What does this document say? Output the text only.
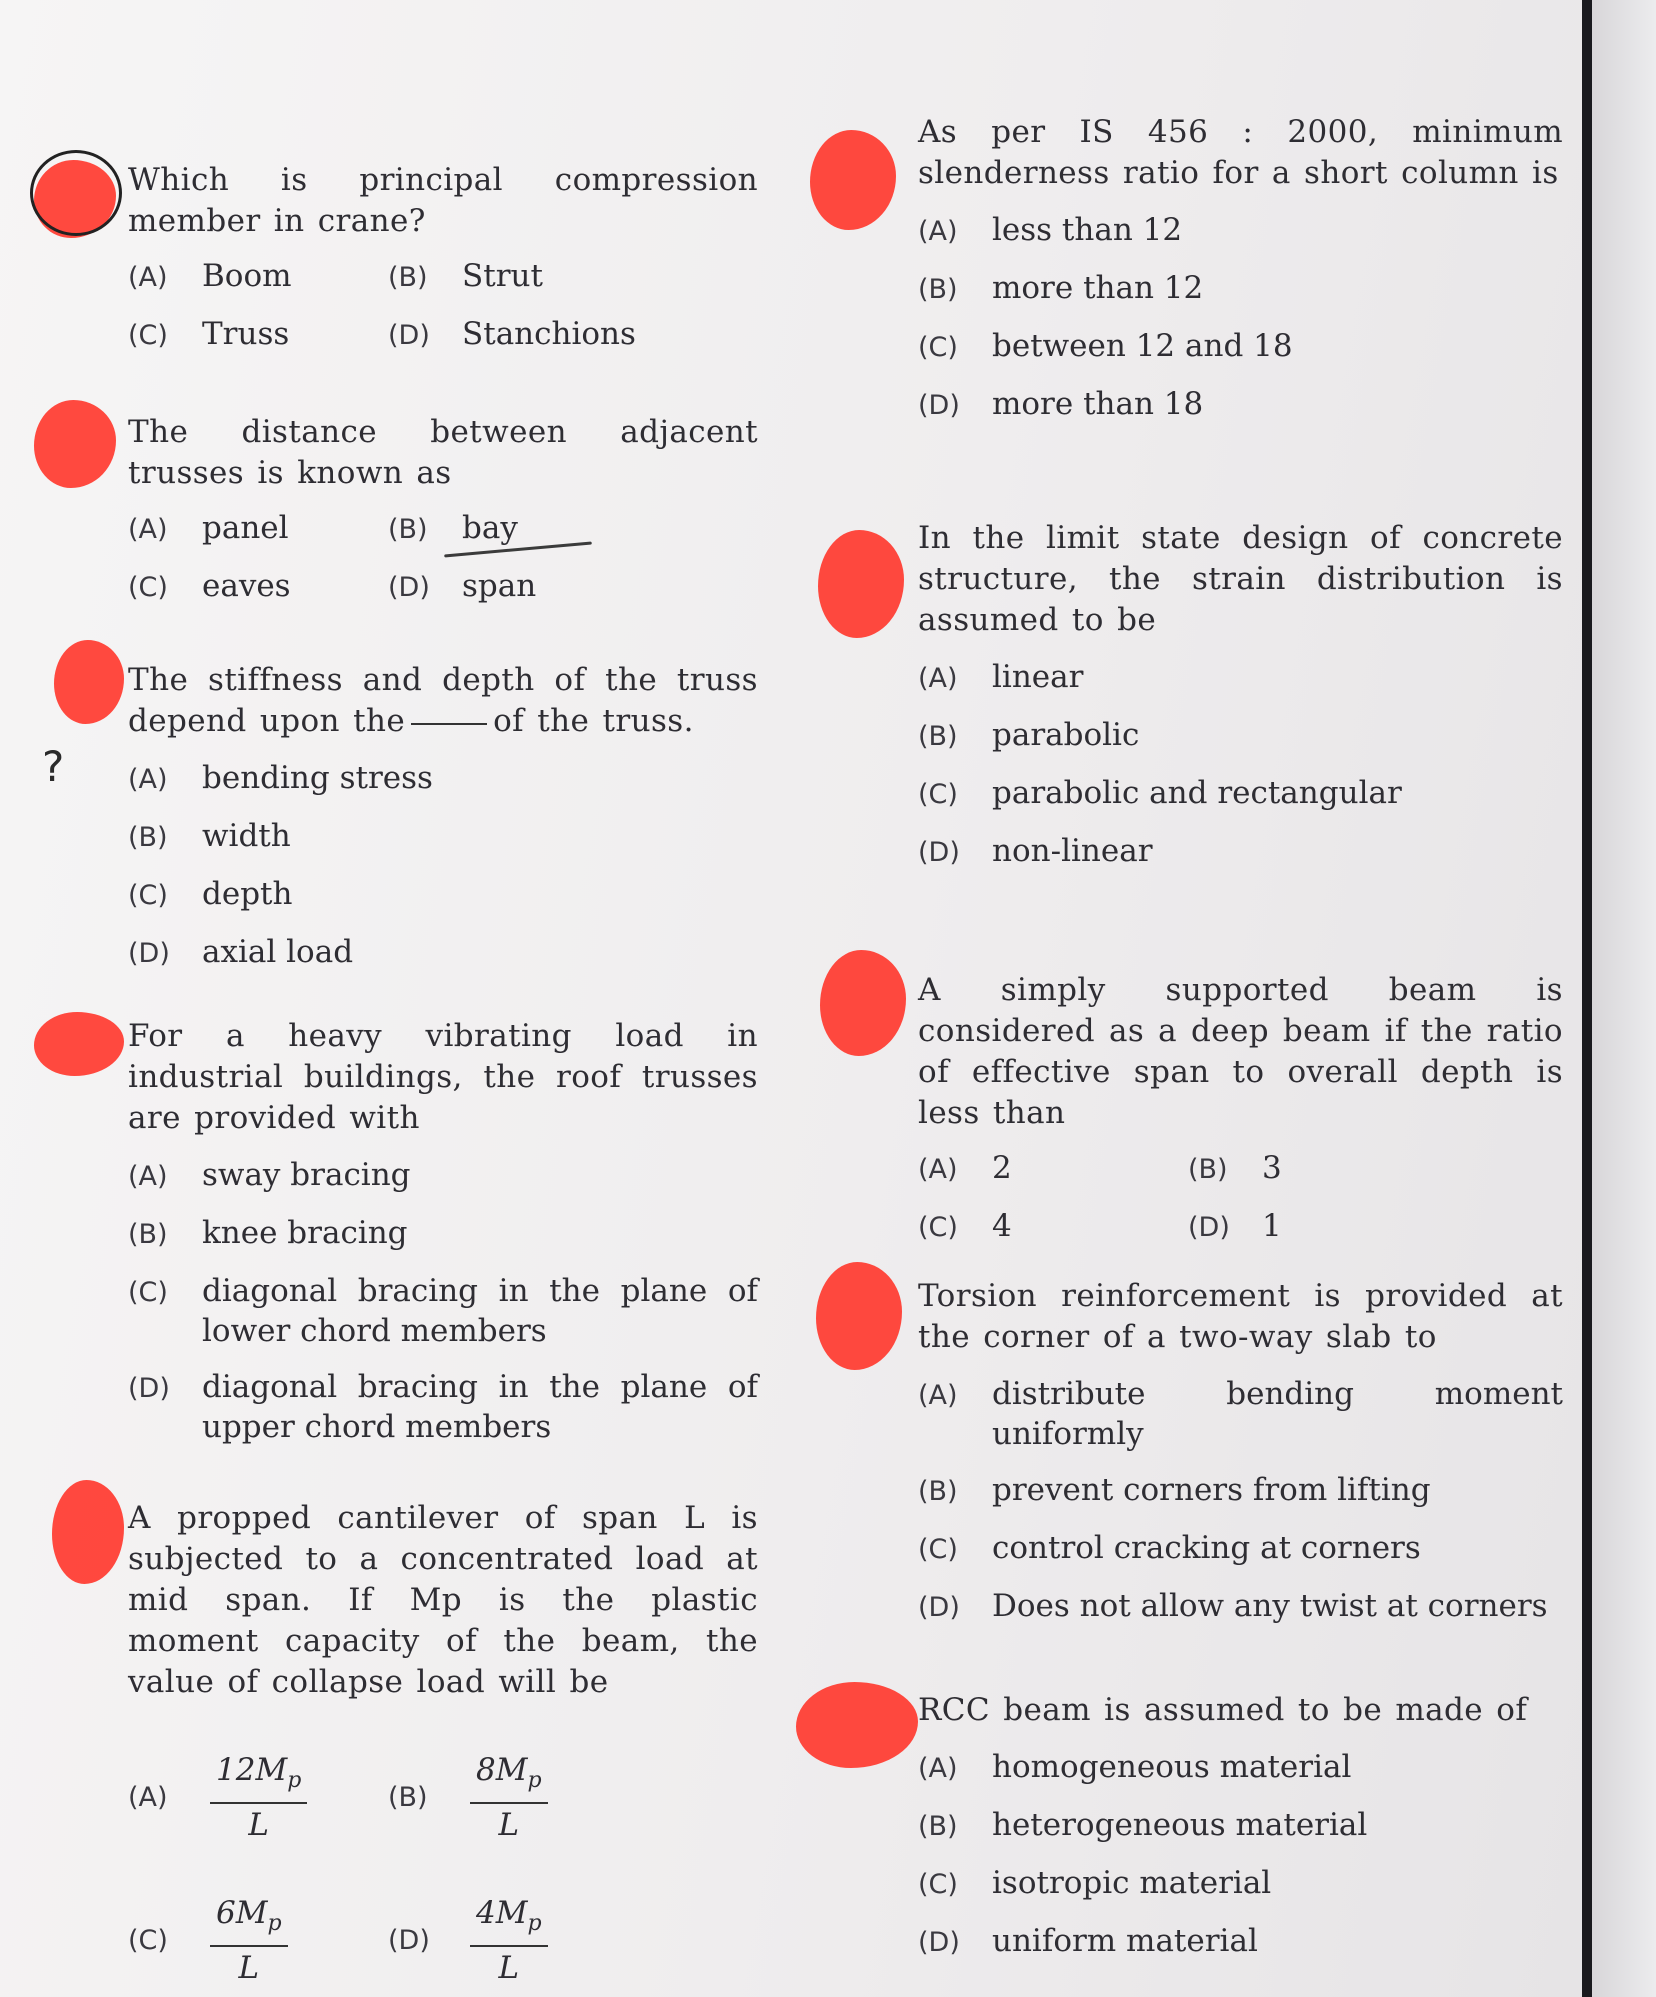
?

Which is principal compression member in crane?

(A)	Boom	(B)	Strut
(C)	Truss	(D)	Stanchions

The distance between adjacent trusses is known as

(A)	panel	(B)	bay
(C)	eaves	(D)	span

The stiffness and depth of the truss depend upon the	of the truss.

(A)	bending stress
(B)	width
(C)	depth
(D)	axial load

For a heavy vibrating load in industrial buildings, the roof trusses are provided with

(A)	sway bracing
(B)	knee bracing
(C)	diagonal bracing in the plane of lower chord members
(D)	diagonal bracing in the plane of upper chord members

A propped cantilever of span L is subjected to a concentrated load at mid span. If Mp is the plastic moment capacity of the beam, the value of collapse load will be

(A)	$\frac{12M_p}{L}$	(B)	$\frac{8M_p}{L}$
(C)	$\frac{6M_p}{L}$	(D)	$\frac{4M_p}{L}$

As per IS 456 : 2000, minimum slenderness ratio for a short column is

(A)	less than 12
(B)	more than 12
(C)	between 12 and 18
(D)	more than 18

In the limit state design of concrete structure, the strain distribution is assumed to be

(A)	linear
(B)	parabolic
(C)	parabolic and rectangular
(D)	non-linear

A simply supported beam is considered as a deep beam if the ratio of effective span to overall depth is less than

(A)	2	(B)	3
(C)	4	(D)	1

Torsion reinforcement is provided at the corner of a two-way slab to

(A)	distribute bending moment uniformly
(B)	prevent corners from lifting
(C)	control cracking at corners
(D)	Does not allow any twist at corners

RCC beam is assumed to be made of

(A)	homogeneous material
(B)	heterogeneous material
(C)	isotropic material
(D)	uniform material
